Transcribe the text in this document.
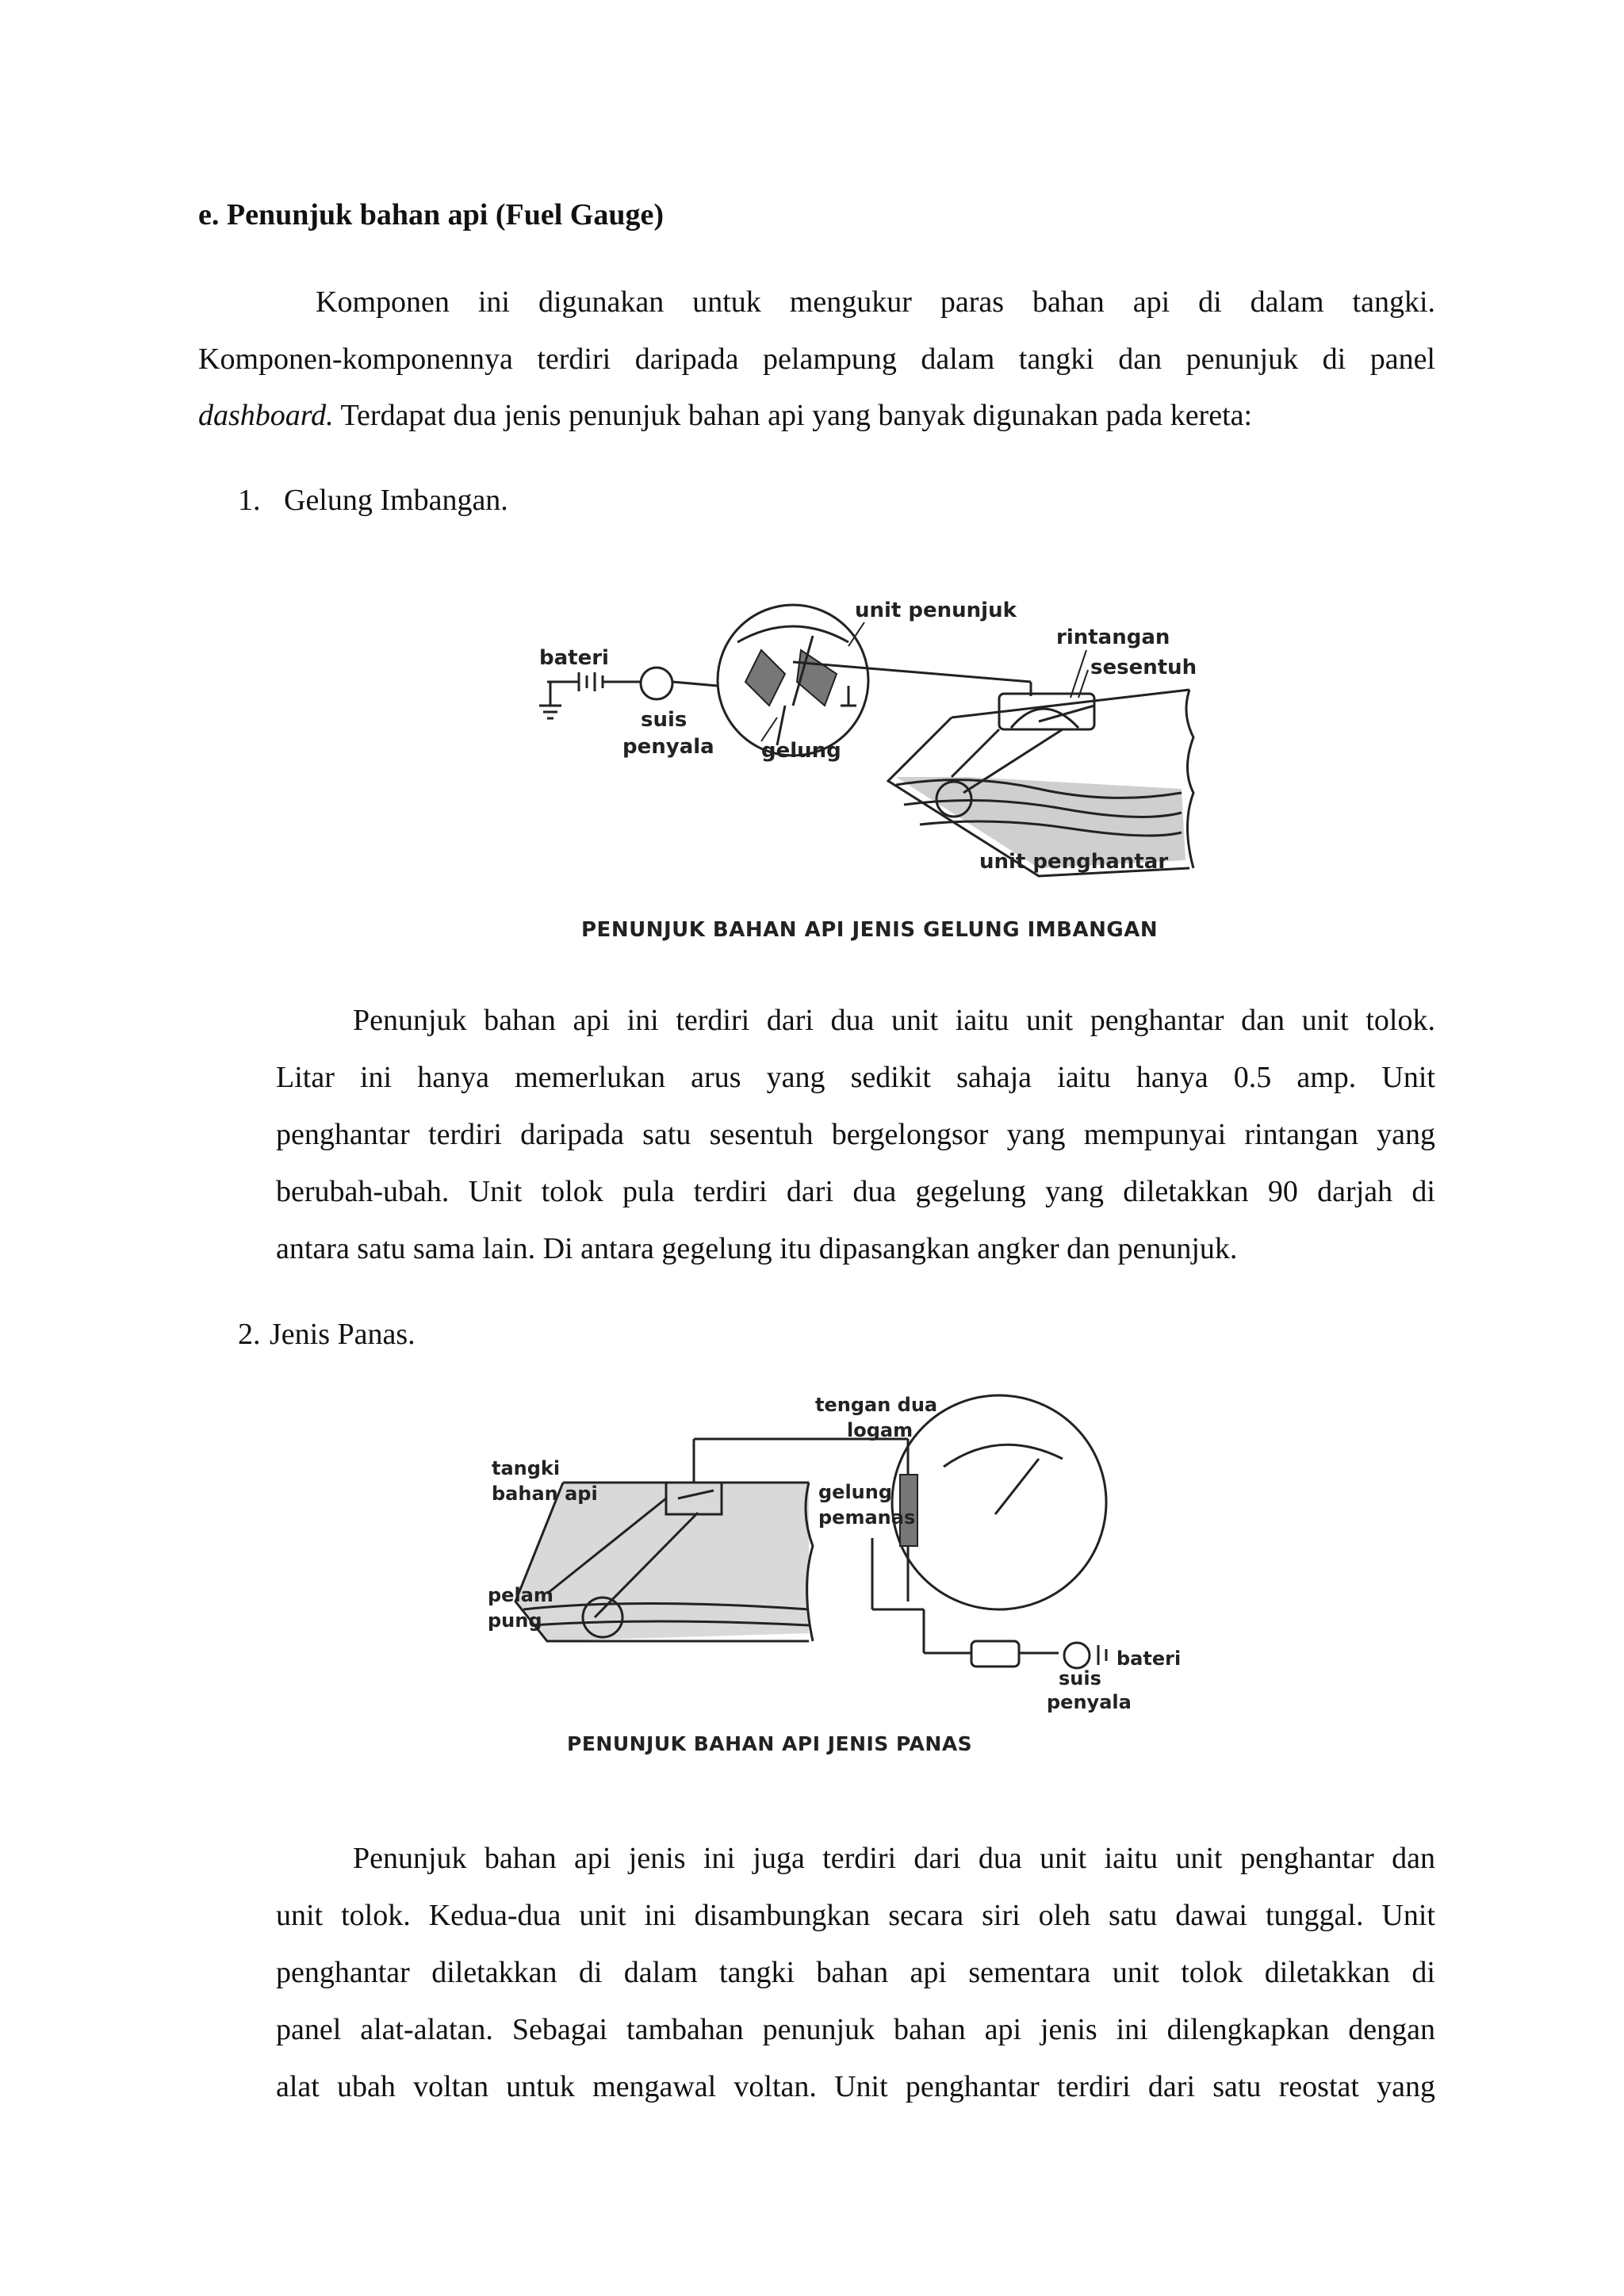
e. Penunjuk bahan api (Fuel Gauge)
Komponen ini digunakan untuk mengukur paras bahan api di dalam tangki.
Komponen-komponennya terdiri daripada pelampung dalam tangki dan penunjuk di panel
dashboard. Terdapat dua jenis penunjuk bahan api yang banyak digunakan pada kereta:
1. Gelung Imbangan.
bateri
suis
penyala gelung
unit penunjuk
rintangan
sesentuh
unit penghantar
PENUNJUK BAHAN API JENIS GELUNG IMBANGAN
Penunjuk bahan api ini terdiri dari dua unit iaitu unit penghantar dan unit tolok.
Litar ini hanya memerlukan arus yang sedikit sahaja iaitu hanya 0.5 amp. Unit
penghantar terdiri daripada satu sesentuh bergelongsor yang mempunyai rintangan yang
berubah-ubah. Unit tolok pula terdiri dari dua gegelung yang diletakkan 90 darjah di
antara satu sama lain. Di antara gegelung itu dipasangkan angker dan penunjuk.
2. Jenis Panas.
tangki
bahan api
pelam
pung
tengan dua
logam
gelung
pemanas
suis
penyala
bateri
PENUNJUK BAHAN API JENIS PANAS
Penunjuk bahan api jenis ini juga terdiri dari dua unit iaitu unit penghantar dan
unit tolok. Kedua-dua unit ini disambungkan secara siri oleh satu dawai tunggal. Unit
penghantar diletakkan di dalam tangki bahan api sementara unit tolok diletakkan di
panel alat-alatan. Sebagai tambahan penunjuk bahan api jenis ini dilengkapkan dengan
alat ubah voltan untuk mengawal voltan. Unit penghantar terdiri dari satu reostat yang
